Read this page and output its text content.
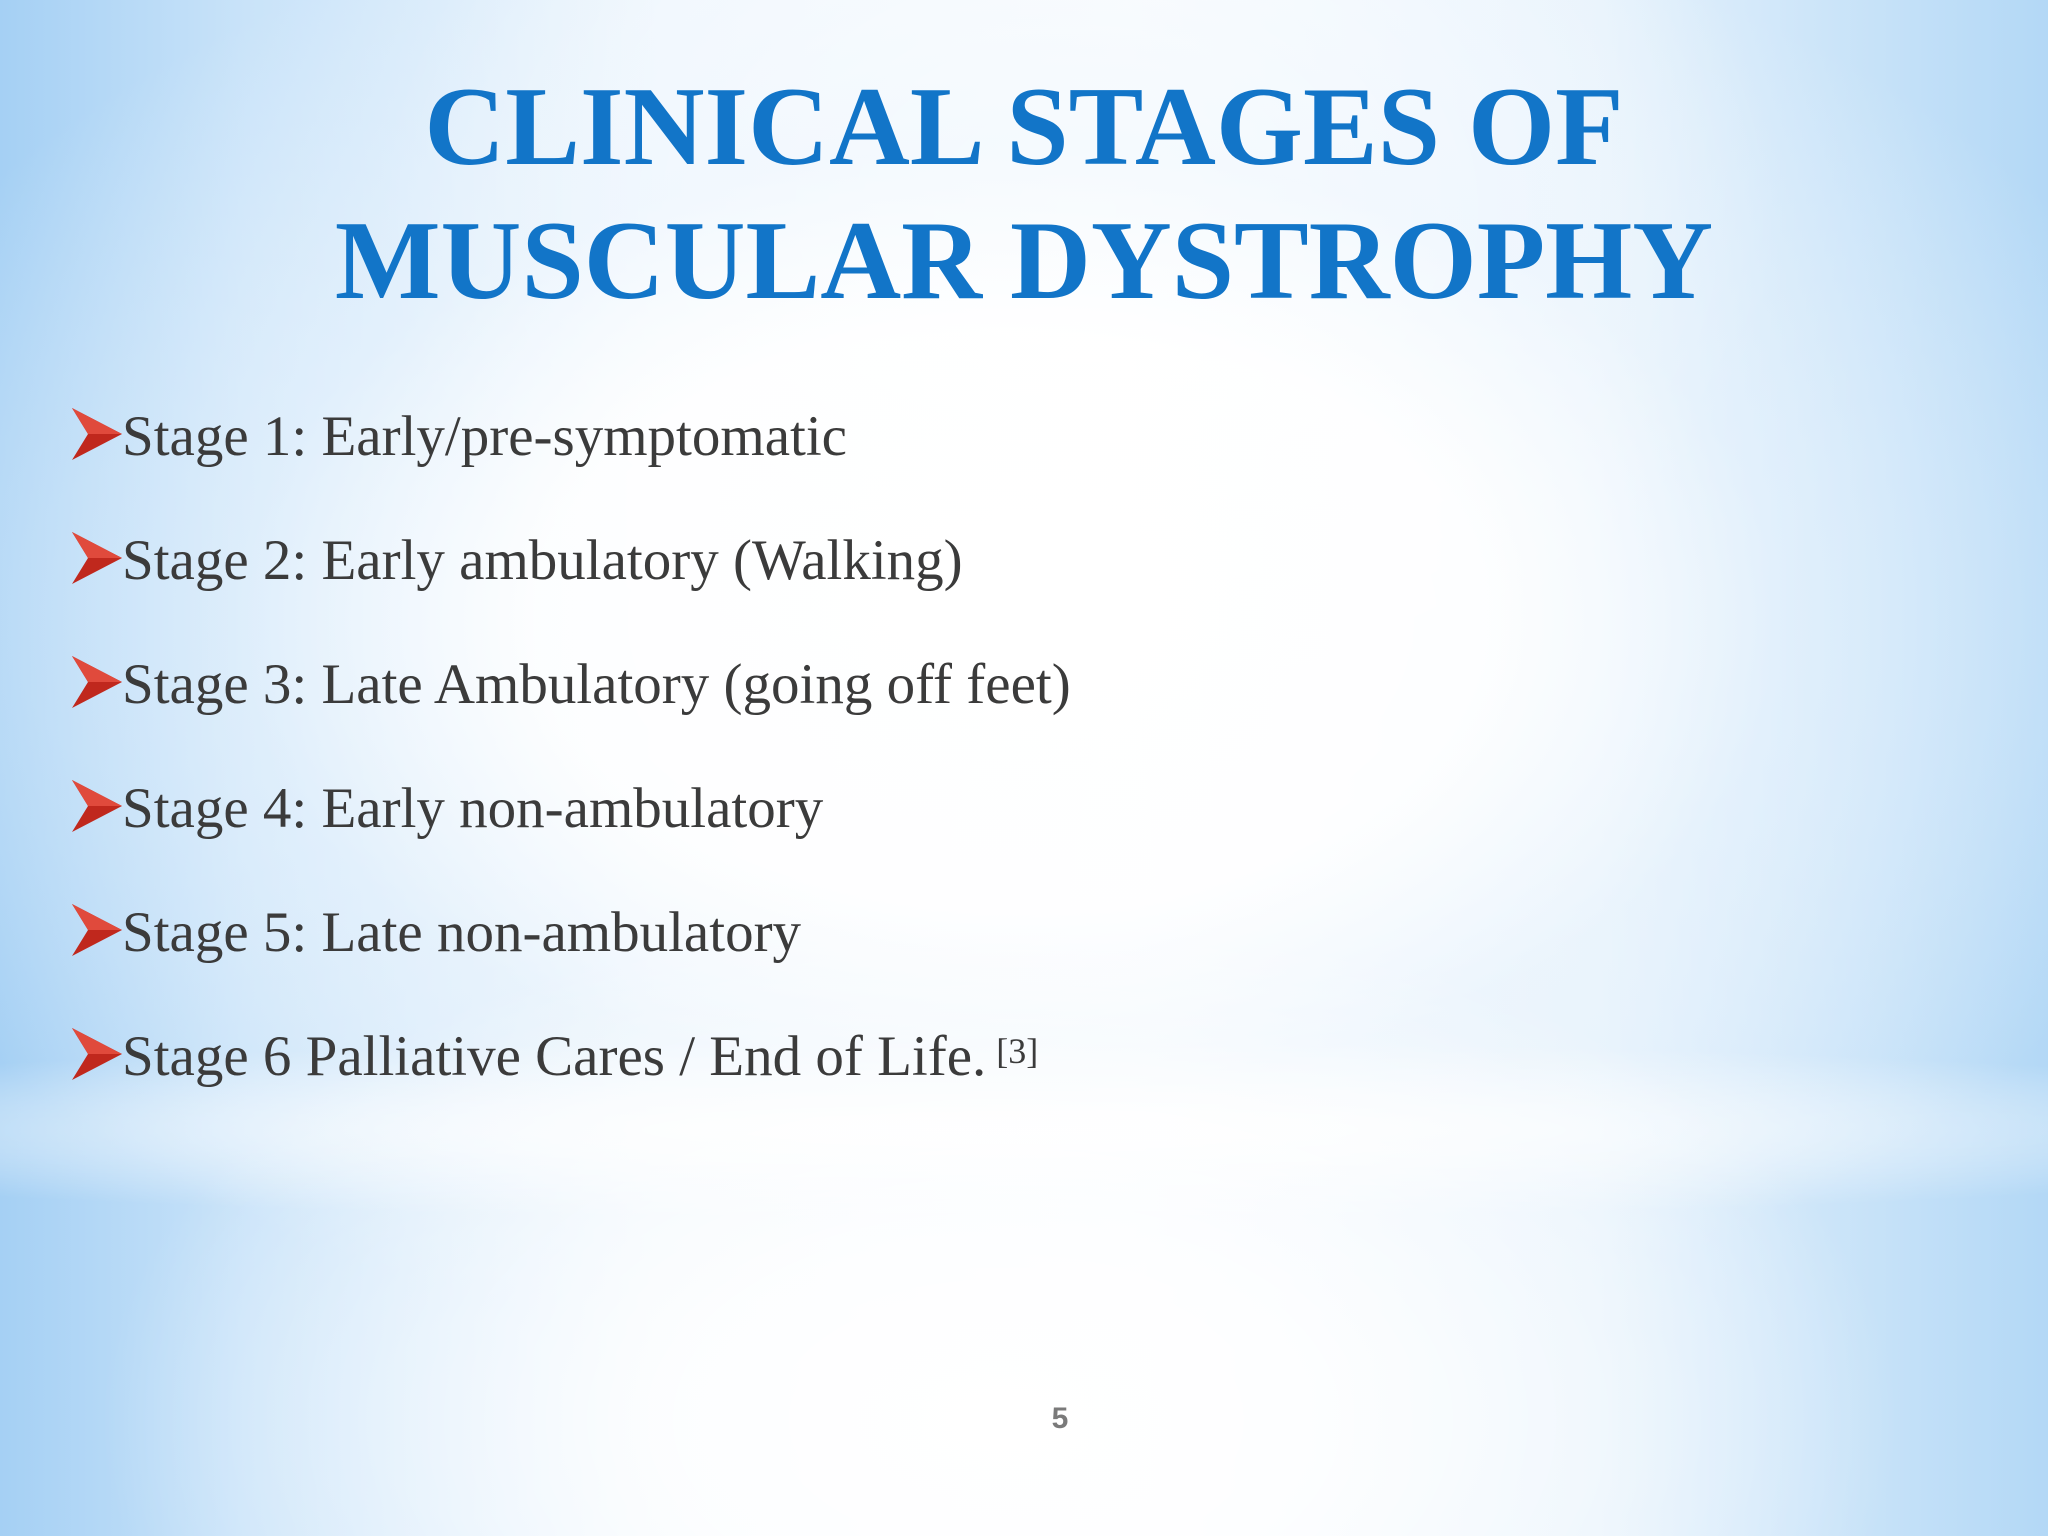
CLINICAL STAGES OF
MUSCULAR DYSTROPHY
Stage 1: Early/pre-symptomatic
Stage 2: Early ambulatory (Walking)
Stage 3: Late Ambulatory (going off feet)
Stage 4: Early non-ambulatory
Stage 5: Late non-ambulatory
Stage 6 Palliative Cares / End of Life. [3]
5
